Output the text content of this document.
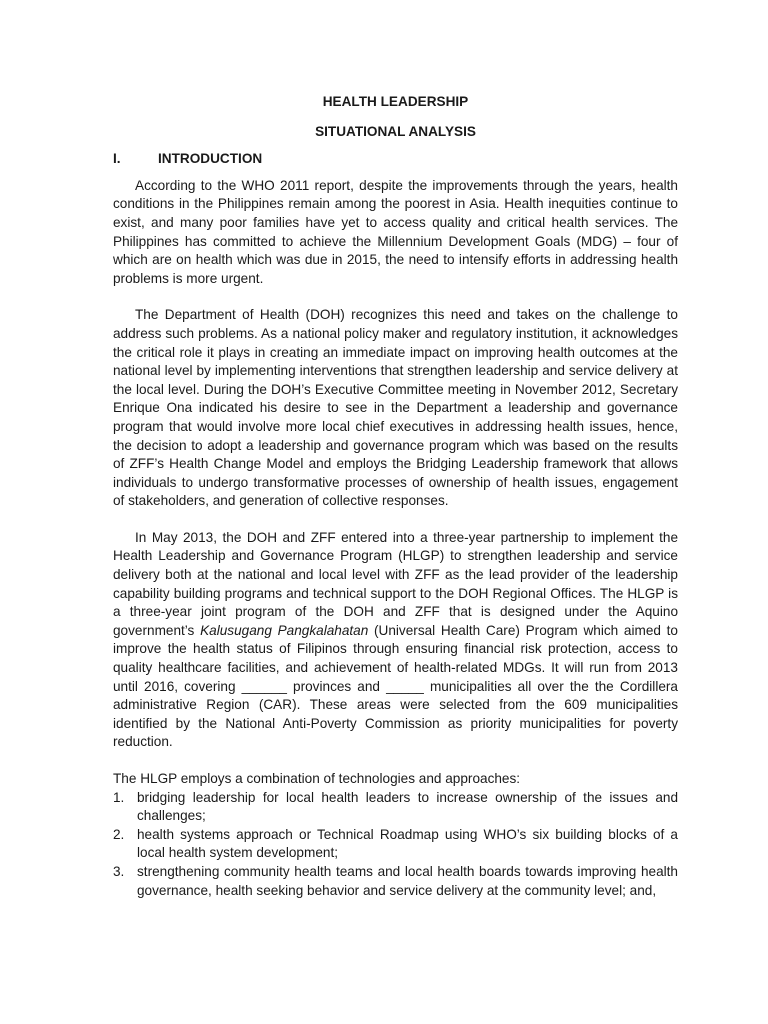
HEALTH LEADERSHIP

SITUATIONAL ANALYSIS

I.	INTRODUCTION

According to the WHO 2011 report, despite the improvements through the years, health conditions in the Philippines remain among the poorest in Asia. Health inequities continue to exist, and many poor families have yet to access quality and critical health services. The Philippines has committed to achieve the Millennium Development Goals (MDG) – four of which are on health which was due in 2015, the need to intensify efforts in addressing health problems is more urgent.

The Department of Health (DOH) recognizes this need and takes on the challenge to address such problems. As a national policy maker and regulatory institution, it acknowledges the critical role it plays in creating an immediate impact on improving health outcomes at the national level by implementing interventions that strengthen leadership and service delivery at the local level. During the DOH’s Executive Committee meeting in November 2012, Secretary Enrique Ona indicated his desire to see in the Department a leadership and governance program that would involve more local chief executives in addressing health issues, hence, the decision to adopt a leadership and governance program which was based on the results of ZFF’s Health Change Model and employs the Bridging Leadership framework that allows individuals to undergo transformative processes of ownership of health issues, engagement of stakeholders, and generation of collective responses.

In May 2013, the DOH and ZFF entered into a three-year partnership to implement the Health Leadership and Governance Program (HLGP) to strengthen leadership and service delivery both at the national and local level with ZFF as the lead provider of the leadership capability building programs and technical support to the DOH Regional Offices. The HLGP is a three-year joint program of the DOH and ZFF that is designed under the Aquino government’s Kalusugang Pangkalahatan (Universal Health Care) Program which aimed to improve the health status of Filipinos through ensuring financial risk protection, access to quality healthcare facilities, and achievement of health-related MDGs. It will run from 2013 until 2016, covering ______ provinces and _____ municipalities all over the the Cordillera administrative Region (CAR). These areas were selected from the 609 municipalities identified by the National Anti-Poverty Commission as priority municipalities for poverty reduction.

The HLGP employs a combination of technologies and approaches:

1. bridging leadership for local health leaders to increase ownership of the issues and challenges;
2. health systems approach or Technical Roadmap using WHO’s six building blocks of a local health system development;
3. strengthening community health teams and local health boards towards improving health governance, health seeking behavior and service delivery at the community level; and,
